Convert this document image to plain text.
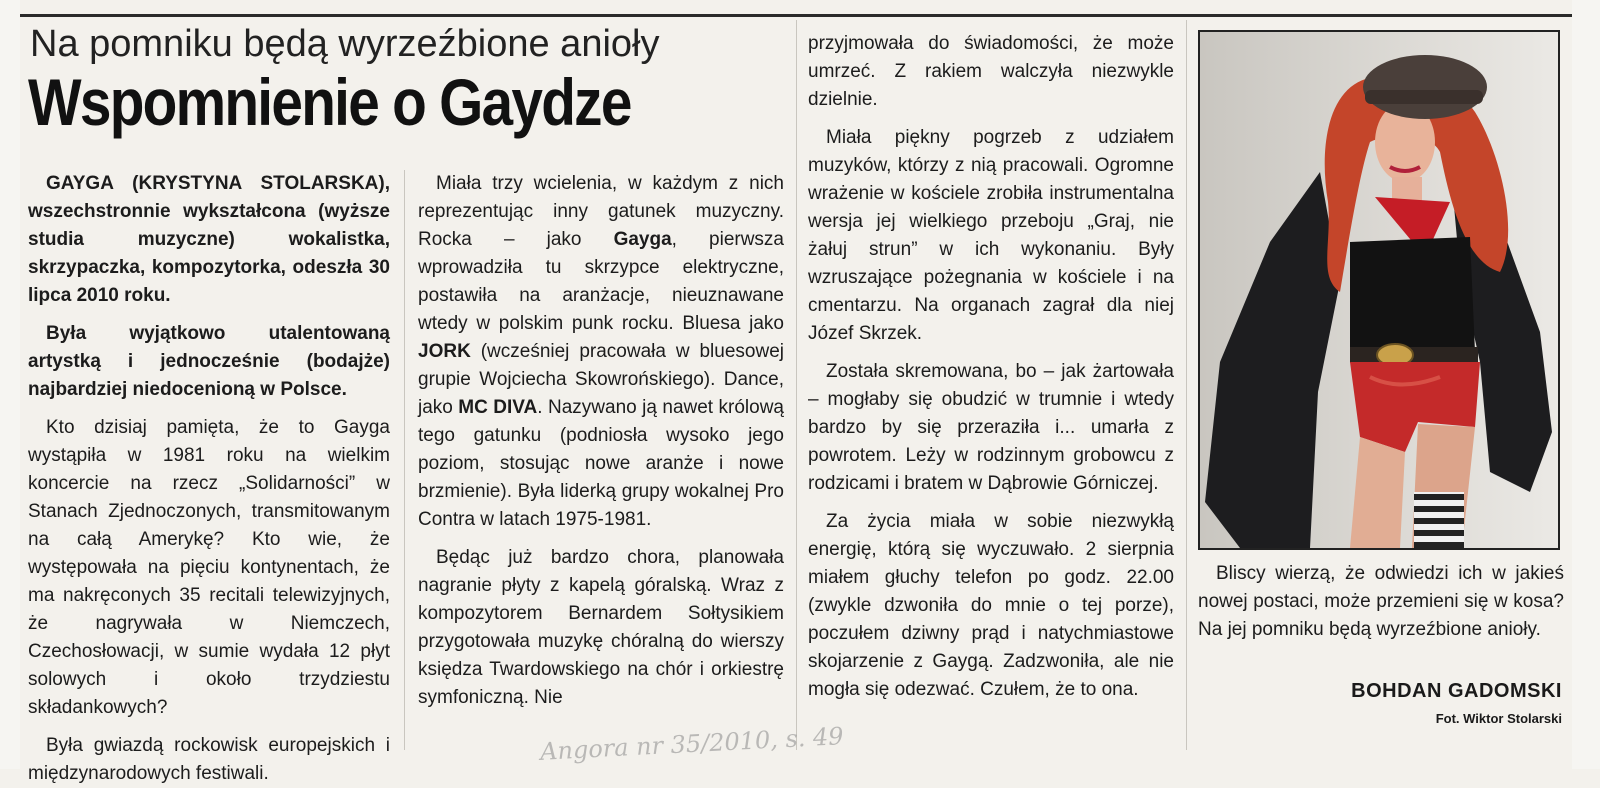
Na pomniku będą wyrzeźbione anioły
Wspomnienie o Gaydze

GAYGA (KRYSTYNA STOLARSKA), wszechstronnie wykształcona (wyższe studia muzyczne) wokalistka, skrzypaczka, kompozytorka, odeszła 30 lipca 2010 roku.

Była wyjątkowo utalentowaną artystką i jednocześnie (bodajże) najbardziej niedocenioną w Polsce.

Kto dzisiaj pamięta, że to Gayga wystąpiła w 1981 roku na wielkim koncercie na rzecz „Solidarności” w Stanach Zjednoczonych, transmitowanym na całą Amerykę? Kto wie, że występowała na pięciu kontynentach, że ma nakręconych 35 recitali telewizyjnych, że nagrywała w Niemczech, Czechosłowacji, w sumie wydała 12 płyt solowych i około trzydziestu składankowych?

Była gwiazdą rockowisk europejskich i międzynarodowych festiwali.

Miała trzy wcielenia, w każdym z nich reprezentując inny gatunek muzyczny. Rocka – jako Gayga, pierwsza wprowadziła tu skrzypce elektryczne, postawiła na aranżacje, nieuznawane wtedy w polskim punk rocku. Bluesa jako JORK (wcześniej pracowała w bluesowej grupie Wojciecha Skowrońskiego). Dance, jako MC DIVA. Nazywano ją nawet królową tego gatunku (podniosła wysoko jego poziom, stosując nowe aranże i nowe brzmienie). Była liderką grupy wokalnej Pro Contra w latach 1975-1981.

Będąc już bardzo chora, planowała nagranie płyty z kapelą góralską. Wraz z kompozytorem Bernardem Sołtysikiem przygotowała muzykę chóralną do wierszy księdza Twardowskiego na chór i orkiestrę symfoniczną. Nie

przyjmowała do świadomości, że może umrzeć. Z rakiem walczyła niezwykle dzielnie.

Miała piękny pogrzeb z udziałem muzyków, którzy z nią pracowali. Ogromne wrażenie w kościele zrobiła instrumentalna wersja jej wielkiego przeboju „Graj, nie żałuj strun” w ich wykonaniu. Były wzruszające pożegnania w kościele i na cmentarzu. Na organach zagrał dla niej Józef Skrzek.

Została skremowana, bo – jak żartowała – mogłaby się obudzić w trumnie i wtedy bardzo by się przeraziła i... umarła z powrotem. Leży w rodzinnym grobowcu z rodzicami i bratem w Dąbrowie Górniczej.

Za życia miała w sobie niezwykłą energię, którą się wyczuwało. 2 sierpnia miałem głuchy telefon po godz. 22.00 (zwykle dzwoniła do mnie o tej porze), poczułem dziwny prąd i natychmiastowe skojarzenie z Gaygą. Zadzwoniła, ale nie mogła się odezwać. Czułem, że to ona.

Bliscy wierzą, że odwiedzi ich w jakieś nowej postaci, może przemieni się w kosa? Na jej pomniku będą wyrzeźbione anioły.

BOHDAN GADOMSKI
Fot. Wiktor Stolarski
Angora nr 35/2010, s. 49
